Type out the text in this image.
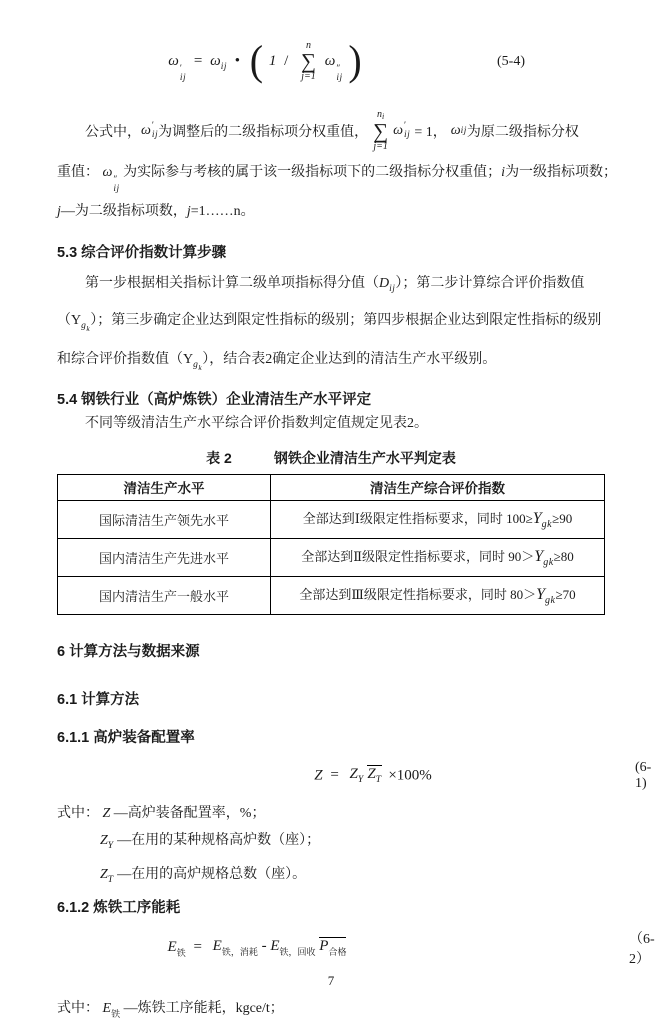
ω ′
ij
= $\omega_{ij}$ • ( 1 /
n
∑
j=1
ω ″
ij )	(5-4)
公式中， ω ′
ij 为调整后的二级指标项分权重值，
$n_i$
∑
j=1
ω ′
ij = 1， ω ij 为原二级指标分权
重值： ω ″
ij
为实际参与考核的属于该一级指标项下的二级指标分权重值；i为一级指标项数；
j—为二级指标项数，j=1……n。
5.3 综合评价指数计算步骤
第一步根据相关指标计算二级单项指标得分值$(D_{ij})$；第二步计算综合评价指数值
$(Y_{g_k})$；第三步确定企业达到限定性指标的级别；第四步根据企业达到限定性指标的级别
和综合评价指数值$(Y_{g_k})$，结合表2确定企业达到的清洁生产水平级别。
5.4 钢铁行业（高炉炼铁）企业清洁生产水平评定
不同等级清洁生产水平综合评价指数判定值规定见表2。
表 2	钢铁企业清洁生产水平判定表
清洁生产水平	清洁生产综合评价指数
国际清洁生产领先水平	全部达到Ⅰ级限定性指标要求，同时 $100\ge Y_{gk}\ge 90$
国内清洁生产先进水平	全部达到Ⅱ级限定性指标要求，同时 $90>Y_{gk}\ge 80$
国内清洁生产一般水平	全部达到Ⅲ级限定性指标要求，同时 $80>Y_{gk}\ge 70$
6 计算方法与数据来源
6.1 计算方法
6.1.1 高炉装备配置率
$Z = Z_Y$ $Z_T \times 100\%$	(6-1)
式中： Z —高炉装备配置率，%；
$Z_Y$ —在用的某种规格高炉数（座）；
$Z_T$ —在用的高炉规格总数（座）。
6.1.2 炼铁工序能耗
$E_铁 = E_{铁,消耗} - E_{铁,回收}$ $P_{合格}$
（6-2）
式中： $E_铁$ —炼铁工序能耗，kgce/t；
7
